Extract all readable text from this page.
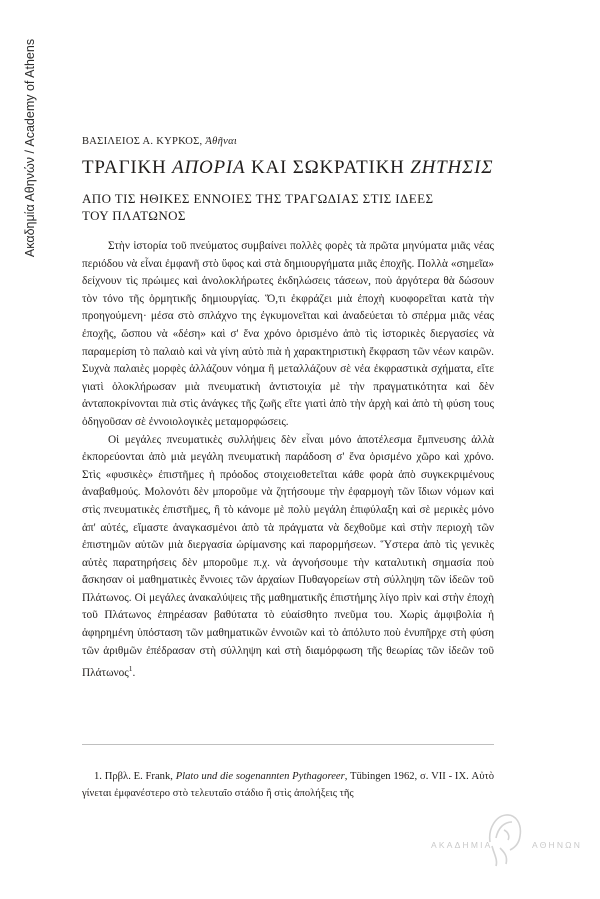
Ακαδημία Αθηνών / Academy of Athens	ΒΑΣΙΛΕΙΟΣ Α. ΚΥΡΚΟΣ, Ἀθῆναι
ΤΡΑΓΙΚΗ ΑΠΟΡΙΑ ΚΑΙ ΣΩΚΡΑΤΙΚΗ ΖΗΤΗΣΙΣ
ΑΠΟ ΤΙΣ ΗΘΙΚΕΣ ΕΝΝΟΙΕΣ ΤΗΣ ΤΡΑΓΩΔΙΑΣ ΣΤΙΣ ΙΔΕΕΣ
ΤΟΥ ΠΛΑΤΩΝΟΣ

Στὴν ἱστορία τοῦ πνεύματος συμβαίνει πολλὲς φορὲς τὰ πρῶτα μηνύματα μιᾶς νέας περιόδου νὰ εἶναι ἐμφανῆ στὸ ὕφος καὶ στὰ δημιουργήματα μιᾶς ἐποχῆς. Πολλὰ «σημεῖα» δείχνουν τὶς πρώιμες καὶ ἀνολοκλήρωτες ἐκδηλώσεις τάσεων, ποὺ ἀργότερα θὰ δώσουν τὸν τόνο τῆς ὁρμητικῆς δημιουργίας. Ὅ,τι ἐκφράζει μιὰ ἐποχὴ κυοφορεῖται κατὰ τὴν προηγούμενη· μέσα στὸ σπλάχνο της ἐγκυμονεῖται καὶ ἀναδεύεται τὸ σπέρμα μιᾶς νέας ἐποχῆς, ὥσπου νὰ «δέση» καὶ σ' ἕνα χρόνο ὁρισμένο ἀπὸ τὶς ἱστορικὲς διεργασίες νὰ παραμερίση τὸ παλαιὸ καὶ νὰ γίνη αὐτὸ πιὰ ἡ χαρακτηριστικὴ ἔκφραση τῶν νέων καιρῶν. Συχνὰ παλαιὲς μορφὲς ἀλλάζουν νόημα ἢ μεταλλάζουν σὲ νέα ἐκφραστικὰ σχήματα, εἴτε γιατὶ ὁλοκλήρωσαν μιὰ πνευματικὴ ἀντιστοιχία μὲ τὴν πραγματικότητα καὶ δὲν ἀνταποκρίνονται πιὰ στὶς ἀνάγκες τῆς ζωῆς εἴτε γιατὶ ἀπὸ τὴν ἀρχὴ καὶ ἀπὸ τὴ φύση τους ὁδηγοῦσαν σὲ ἐννοιολογικὲς μεταμορφώσεις.

Οἱ μεγάλες πνευματικὲς συλλήψεις δὲν εἶναι μόνο ἀποτέλεσμα ἔμπνευσης ἀλλὰ ἐκπορεύονται ἀπὸ μιὰ μεγάλη πνευματικὴ παράδοση σ' ἕνα ὁρισμένο χῶρο καὶ χρόνο. Στὶς «φυσικὲς» ἐπιστῆμες ἡ πρόοδος στοιχειοθετεῖται κάθε φορὰ ἀπὸ συγκεκριμένους ἀναβαθμούς. Μολονότι δὲν μποροῦμε νὰ ζητήσουμε τὴν ἐφαρμογὴ τῶν ἴδιων νόμων καὶ στὶς πνευματικὲς ἐπιστῆμες, ἢ τὸ κάνομε μὲ πολὺ μεγάλη ἐπιφύλαξη καὶ σὲ μερικὲς μόνο ἀπ' αὐτές, εἴμαστε ἀναγκασμένοι ἀπὸ τὰ πράγματα νὰ δεχθοῦμε καὶ στὴν περιοχὴ τῶν ἐπιστημῶν αὐτῶν μιὰ διεργασία ὡρίμανσης καὶ παρορμήσεων. Ὕστερα ἀπὸ τὶς γενικὲς αὐτὲς παρατηρήσεις δὲν μποροῦμε π.χ. νὰ ἀγνοήσουμε τὴν καταλυτικὴ σημασία ποὺ ἄσκησαν οἱ μαθηματικὲς ἔννοιες τῶν ἀρχαίων Πυθαγορείων στὴ σύλληψη τῶν ἰδεῶν τοῦ Πλάτωνος. Οἱ μεγάλες ἀνακαλύψεις τῆς μαθηματικῆς ἐπιστήμης λίγο πρὶν καὶ στὴν ἐποχὴ τοῦ Πλάτωνος ἐπηρέασαν βαθύτατα τὸ εὐαίσθητο πνεῦμα του. Χωρὶς ἀμφιβολία ἡ ἀφηρημένη ὑπόσταση τῶν μαθηματικῶν ἐννοιῶν καὶ τὸ ἀπόλυτο ποὺ ἐνυπῆρχε στὴ φύση τῶν ἀριθμῶν ἐπέδρασαν στὴ σύλληψη καὶ στὴ διαμόρφωση τῆς θεωρίας τῶν ἰδεῶν τοῦ Πλάτωνος$^1$.

1. Πρβλ. E. Frank, Plato und die sogenannten Pythagoreer, Tübingen 1962, σ. VII - IX. Αὐτὸ γίνεται ἐμφανέστερο στὸ τελευταῖο στάδιο ἢ στὶς ἀπολήξεις τῆς
ΑΚΑΔΗΜΙΑ	ΑΘΗΝΩΝ
